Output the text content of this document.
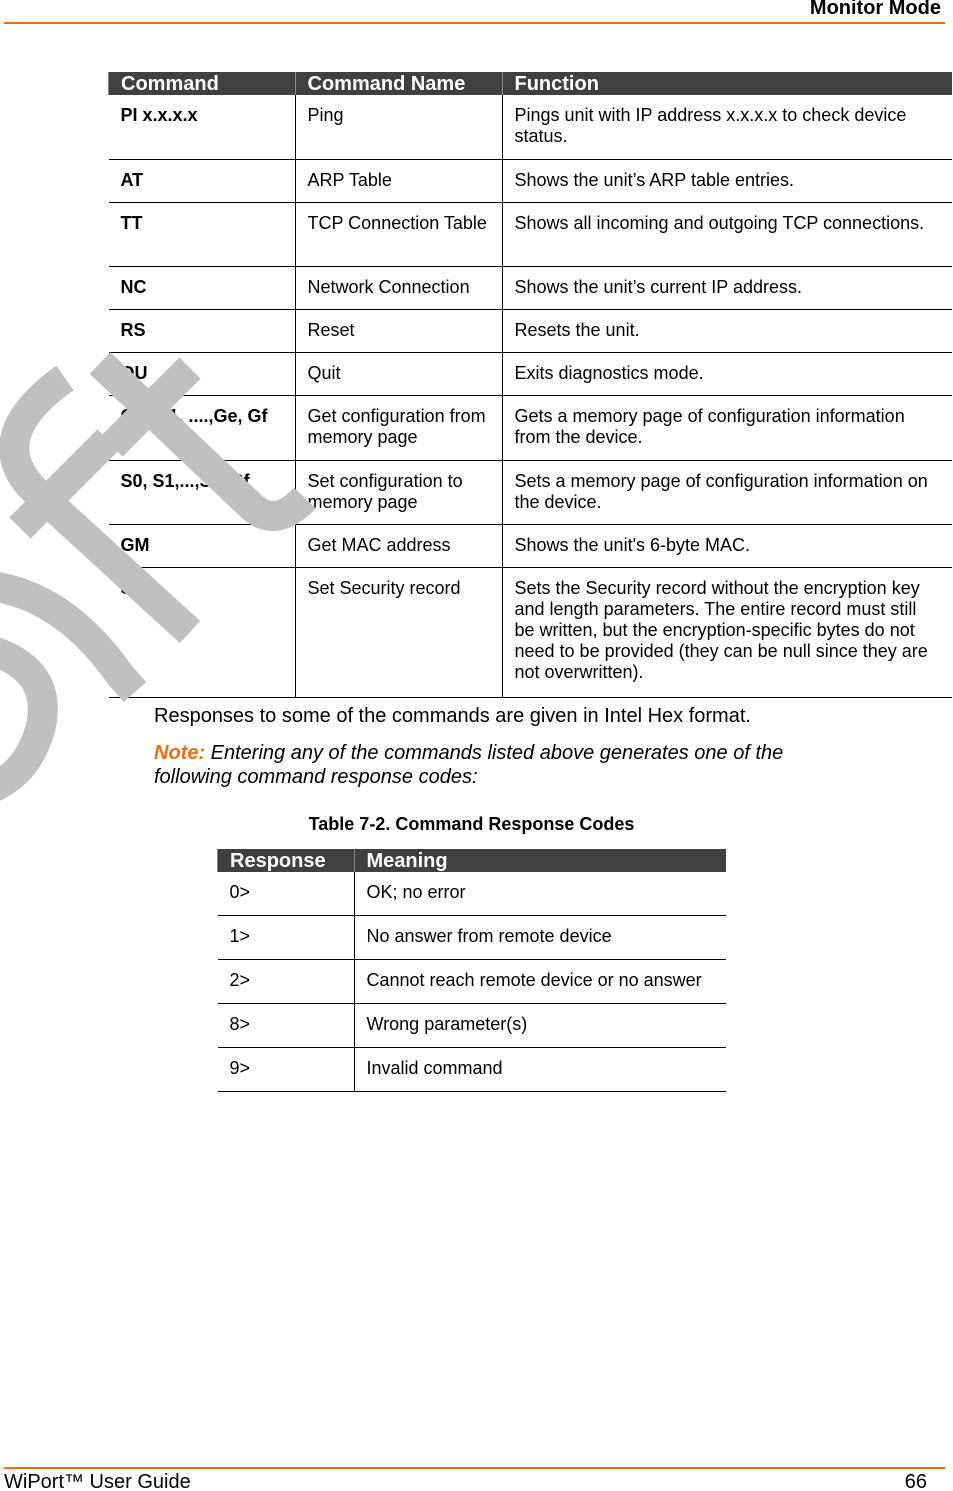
Monitor Mode
Command	Command Name	Function
PI x.x.x.x	Ping	Pings unit with IP address x.x.x.x to check device status.
AT	ARP Table	Shows the unit’s ARP table entries.
TT	TCP Connection Table	Shows all incoming and outgoing TCP connections.
NC	Network Connection	Shows the unit’s current IP address.
RS	Reset	Resets the unit.
QU	Quit	Exits diagnostics mode.
G0, G1, ....,Ge, Gf	Get configuration from memory page	Gets a memory page of configuration information from the device.
S0, S1,...,Se, Sf	Set configuration to memory page	Sets a memory page of configuration information on the device.
GM	Get MAC address	Shows the unit's 6-byte MAC.
SS	Set Security record	Sets the Security record without the encryption key and length parameters. The entire record must still be written, but the encryption-specific bytes do not need to be provided (they can be null since they are not overwritten).
Responses to some of the commands are given in Intel Hex format.
Note: Entering any of the commands listed above generates one of the following command response codes:
Table 7-2. Command Response Codes
Response	Meaning
0>	OK; no error
1>	No answer from remote device
2>	Cannot reach remote device or no answer
8>	Wrong parameter(s)
9>	Invalid command
WiPort™ User Guide	66
